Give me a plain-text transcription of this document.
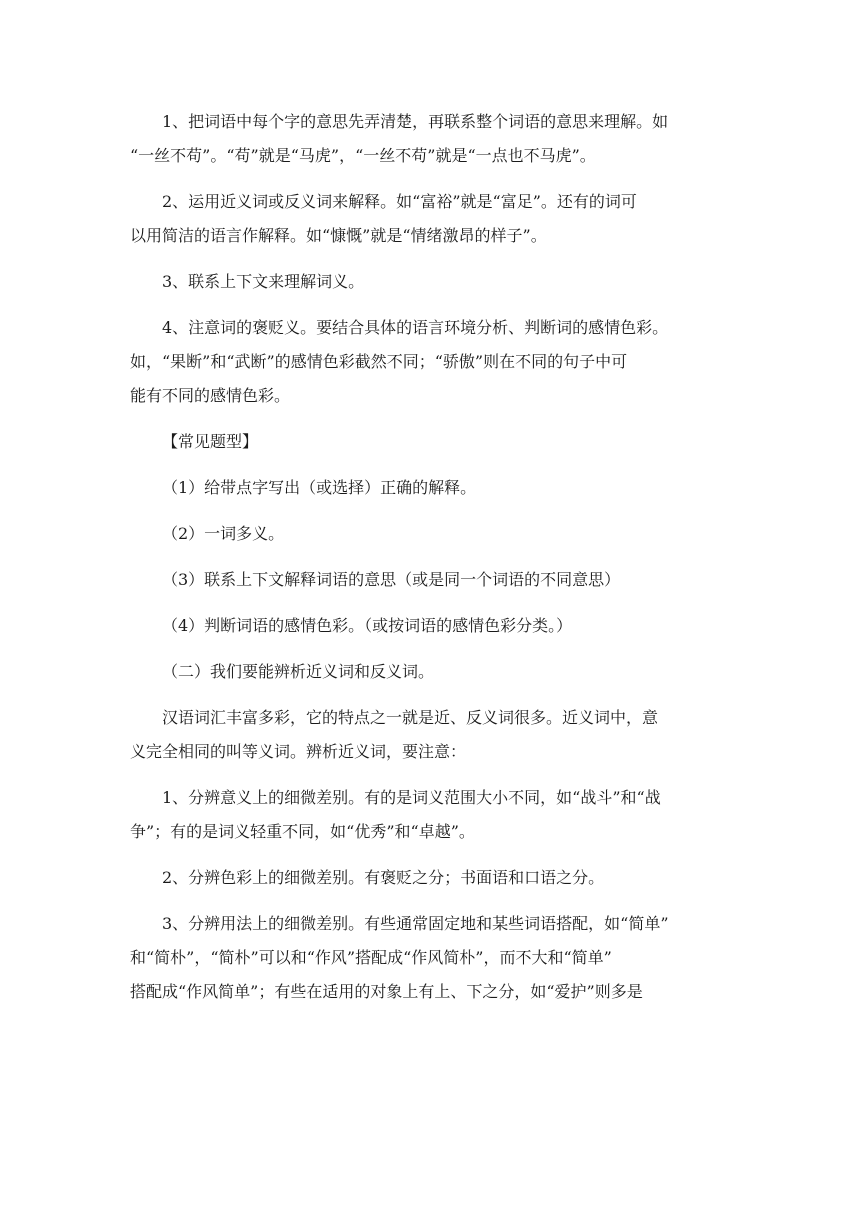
1、把词语中每个字的意思先弄清楚，再联系整个词语的意思来理解。如
“一丝不苟”。“苟”就是“马虎”，“一丝不苟”就是“一点也不马虎”。

2、运用近义词或反义词来解释。如“富裕”就是“富足”。还有的词可
以用简洁的语言作解释。如“慷慨”就是“情绪激昂的样子”。

3、联系上下文来理解词义。

4、注意词的褒贬义。要结合具体的语言环境分析、判断词的感情色彩。
如，“果断”和“武断”的感情色彩截然不同；“骄傲”则在不同的句子中可
能有不同的感情色彩。

【常见题型】

（1）给带点字写出（或选择）正确的解释。

（2）一词多义。

（3）联系上下文解释词语的意思（或是同一个词语的不同意思）

（4）判断词语的感情色彩。（或按词语的感情色彩分类。）

（二）我们要能辨析近义词和反义词。

汉语词汇丰富多彩，它的特点之一就是近、反义词很多。近义词中，意
义完全相同的叫等义词。辨析近义词，要注意：

1、分辨意义上的细微差别。有的是词义范围大小不同，如“战斗”和“战
争”；有的是词义轻重不同，如“优秀”和“卓越”。

2、分辨色彩上的细微差别。有褒贬之分；书面语和口语之分。

3、分辨用法上的细微差别。有些通常固定地和某些词语搭配，如“简单”
和“简朴”，“简朴”可以和“作风”搭配成“作风简朴”，而不大和“简单”
搭配成“作风简单”；有些在适用的对象上有上、下之分，如“爱护”则多是
